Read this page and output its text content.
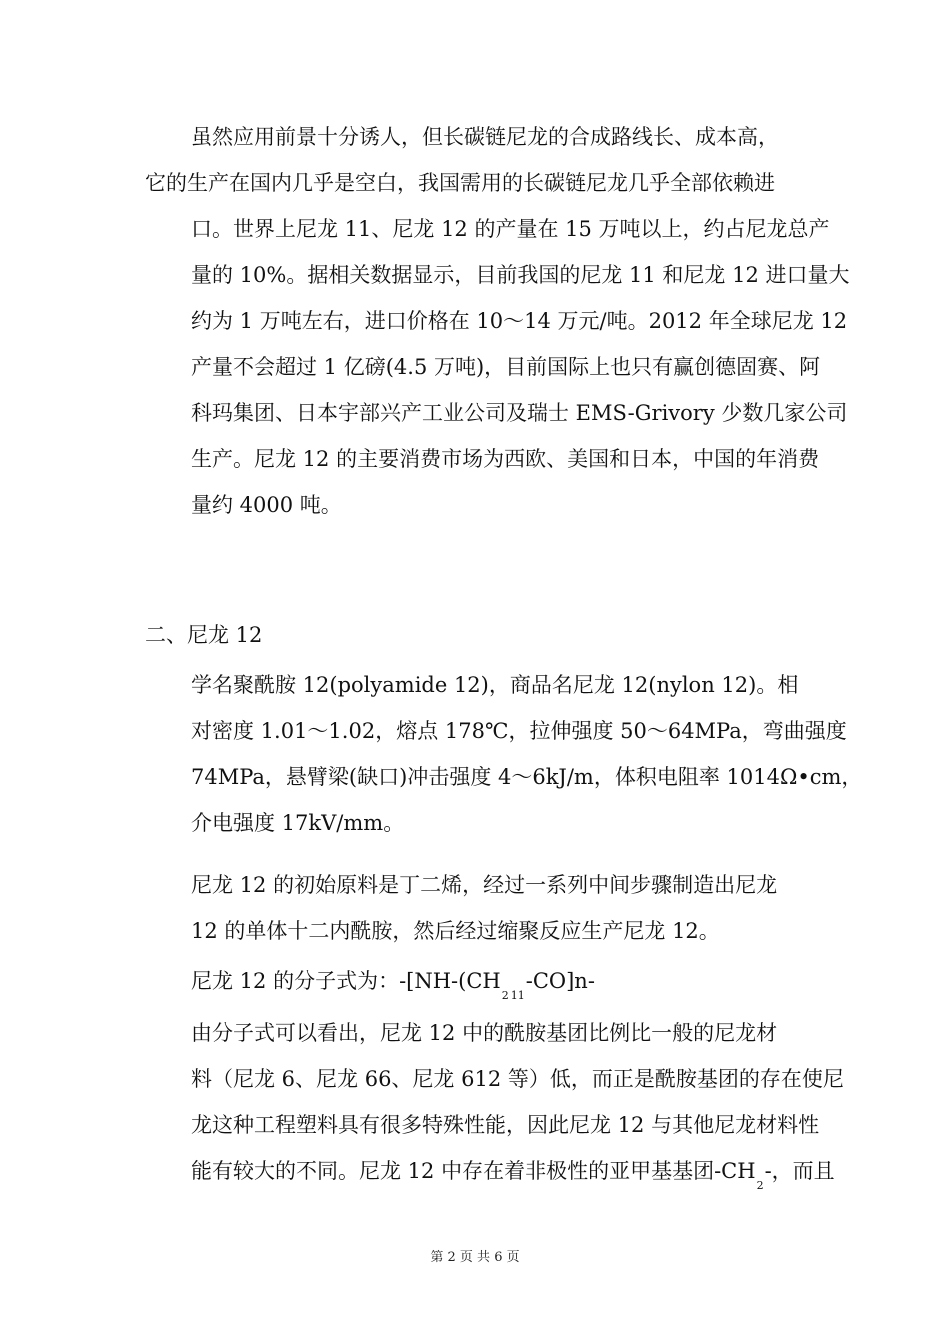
虽然应用前景十分诱人，但长碳链尼龙的合成路线长、成本高，
它的生产在国内几乎是空白，我国需用的长碳链尼龙几乎全部依赖进
口。世界上尼龙 11、尼龙 12 的产量在 15 万吨以上，约占尼龙总产
量的 10%。据相关数据显示，目前我国的尼龙 11 和尼龙 12 进口量大
约为 1 万吨左右，进口价格在 10～14 万元/吨。2012 年全球尼龙 12
产量不会超过 1 亿磅(4.5 万吨)，目前国际上也只有赢创德固赛、阿
科玛集团、日本宇部兴产工业公司及瑞士 EMS-Grivory 少数几家公司
生产。尼龙 12 的主要消费市场为西欧、美国和日本，中国的年消费
量约 4000 吨。
二、尼龙 12
学名聚酰胺 12(polyamide 12)，商品名尼龙 12(nylon 12)。相
对密度 1.01～1.02，熔点 178℃，拉伸强度 50～64MPa，弯曲强度
74MPa，悬臂梁(缺口)冲击强度 4～6kJ/m，体积电阻率 1014Ω•cm，
介电强度 17kV/mm。
尼龙 12 的初始原料是丁二烯，经过一系列中间步骤制造出尼龙
12 的单体十二内酰胺，然后经过缩聚反应生产尼龙 12。
尼龙 12 的分子式为：$-[NH-(CH_2$ $_{11}$-CO]n-
由分子式可以看出，尼龙 12 中的酰胺基团比例比一般的尼龙材
料（尼龙 6、尼龙 66、尼龙 612 等）低，而正是酰胺基团的存在使尼
龙这种工程塑料具有很多特殊性能，因此尼龙 12 与其他尼龙材料性
能有较大的不同。尼龙 12 中存在着非极性的亚甲基基团$-CH_2-$，而且
第 2 页 共 6 页
